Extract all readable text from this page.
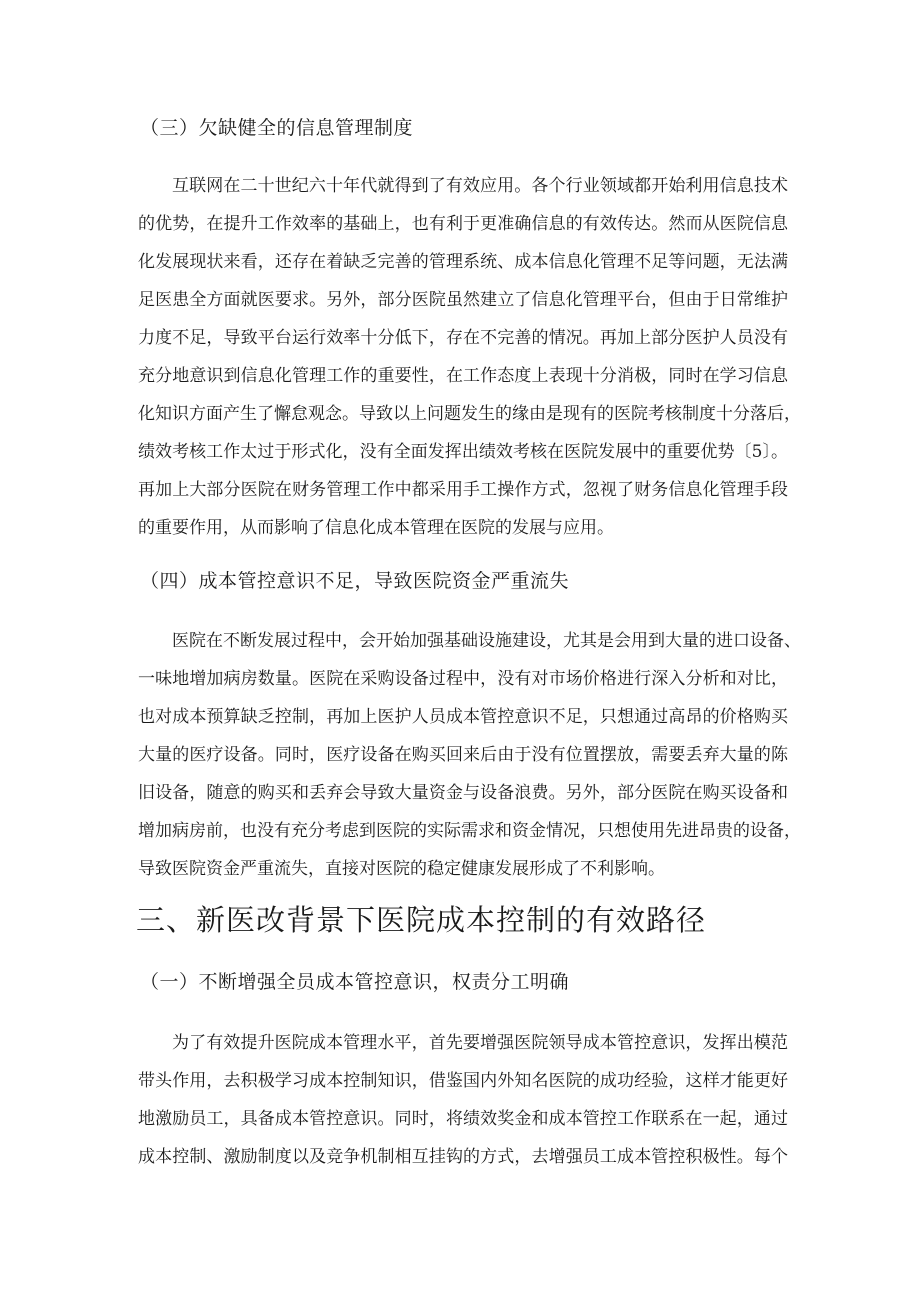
（三）欠缺健全的信息管理制度
互联网在二十世纪六十年代就得到了有效应用。各个行业领域都开始利用信息技术
的优势，在提升工作效率的基础上，也有利于更准确信息的有效传达。然而从医院信息
化发展现状来看，还存在着缺乏完善的管理系统、成本信息化管理不足等问题，无法满
足医患全方面就医要求。另外，部分医院虽然建立了信息化管理平台，但由于日常维护
力度不足，导致平台运行效率十分低下，存在不完善的情况。再加上部分医护人员没有
充分地意识到信息化管理工作的重要性，在工作态度上表现十分消极，同时在学习信息
化知识方面产生了懈怠观念。导致以上问题发生的缘由是现有的医院考核制度十分落后，
绩效考核工作太过于形式化，没有全面发挥出绩效考核在医院发展中的重要优势〔5〕。
再加上大部分医院在财务管理工作中都采用手工操作方式，忽视了财务信息化管理手段
的重要作用，从而影响了信息化成本管理在医院的发展与应用。
（四）成本管控意识不足，导致医院资金严重流失
医院在不断发展过程中，会开始加强基础设施建设，尤其是会用到大量的进口设备、
一味地增加病房数量。医院在采购设备过程中，没有对市场价格进行深入分析和对比，
也对成本预算缺乏控制，再加上医护人员成本管控意识不足，只想通过高昂的价格购买
大量的医疗设备。同时，医疗设备在购买回来后由于没有位置摆放，需要丢弃大量的陈
旧设备，随意的购买和丢弃会导致大量资金与设备浪费。另外，部分医院在购买设备和
增加病房前，也没有充分考虑到医院的实际需求和资金情况，只想使用先进昂贵的设备，
导致医院资金严重流失，直接对医院的稳定健康发展形成了不利影响。
三、新医改背景下医院成本控制的有效路径
（一）不断增强全员成本管控意识，权责分工明确
为了有效提升医院成本管理水平，首先要增强医院领导成本管控意识，发挥出模范
带头作用，去积极学习成本控制知识，借鉴国内外知名医院的成功经验，这样才能更好
地激励员工，具备成本管控意识。同时，将绩效奖金和成本管控工作联系在一起，通过
成本控制、激励制度以及竞争机制相互挂钩的方式，去增强员工成本管控积极性。每个
